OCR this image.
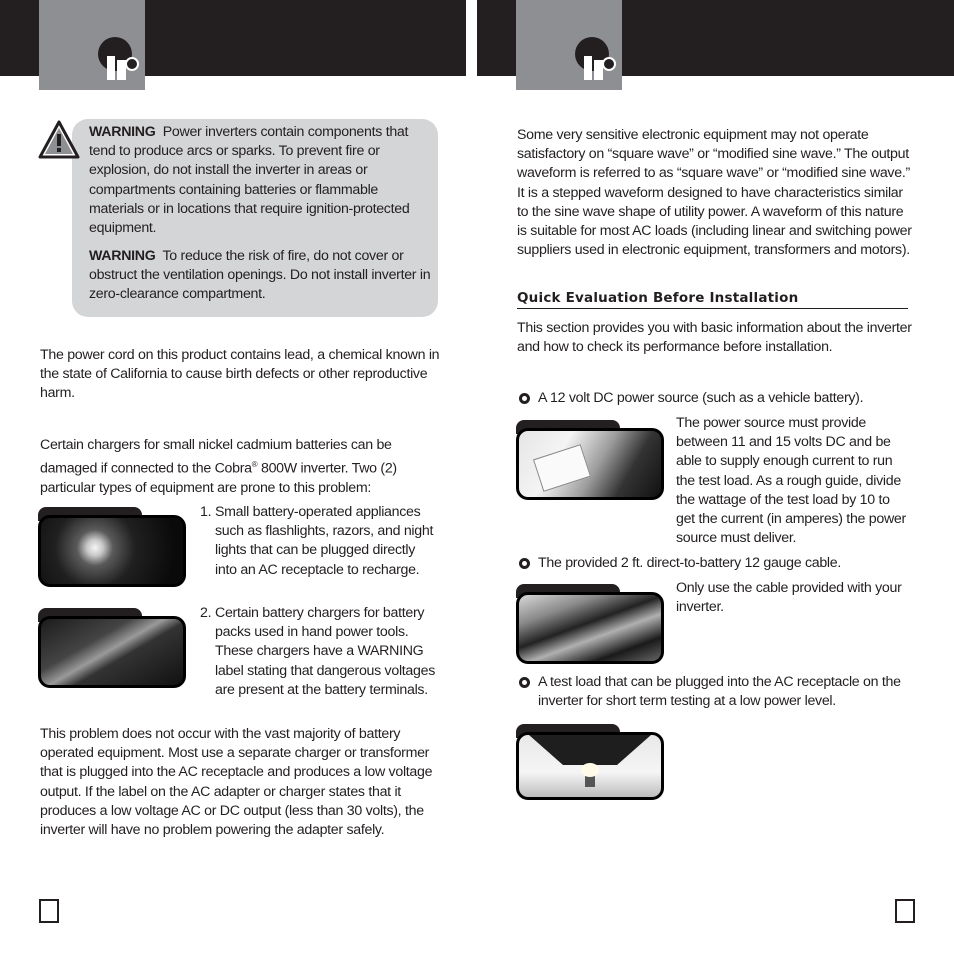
WARNING Power inverters contain components that tend to produce arcs or sparks. To prevent fire or explosion, do not install the inverter in areas or compartments containing batteries or flammable materials or in locations that require ignition-protected equipment.
WARNING To reduce the risk of fire, do not cover or obstruct the ventilation openings. Do not install inverter in zero-clearance compartment.
The power cord on this product contains lead, a chemical known in the state of California to cause birth defects or other reproductive harm.
Certain chargers for small nickel cadmium batteries can be damaged if connected to the Cobra® 800W inverter. Two (2) particular types of equipment are prone to this problem:
1. Small battery-operated appliances such as flashlights, razors, and night lights that can be plugged directly into an AC receptacle to recharge.
2. Certain battery chargers for battery packs used in hand power tools. These chargers have a WARNING label stating that dangerous voltages are present at the battery terminals.
This problem does not occur with the vast majority of battery operated equipment. Most use a separate charger or transformer that is plugged into the AC receptacle and produces a low voltage output. If the label on the AC adapter or charger states that it produces a low voltage AC or DC output (less than 30 volts), the inverter will have no problem powering the adapter safely.
Some very sensitive electronic equipment may not operate satisfactory on “square wave” or “modified sine wave.” The output waveform is referred to as “square wave” or “modified sine wave.” It is a stepped waveform designed to have characteristics similar to the sine wave shape of utility power. A waveform of this nature is suitable for most AC loads (including linear and switching power suppliers used in electronic equipment, transformers and motors).
Quick Evaluation Before Installation
This section provides you with basic information about the inverter and how to check its performance before installation.
A 12 volt DC power source (such as a vehicle battery).
The power source must provide between 11 and 15 volts DC and be able to supply enough current to run the test load. As a rough guide, divide the wattage of the test load by 10 to get the current (in amperes) the power source must deliver.
The provided 2 ft. direct-to-battery 12 gauge cable.
Only use the cable provided with your inverter.
A test load that can be plugged into the AC receptacle on the inverter for short term testing at a low power level.
